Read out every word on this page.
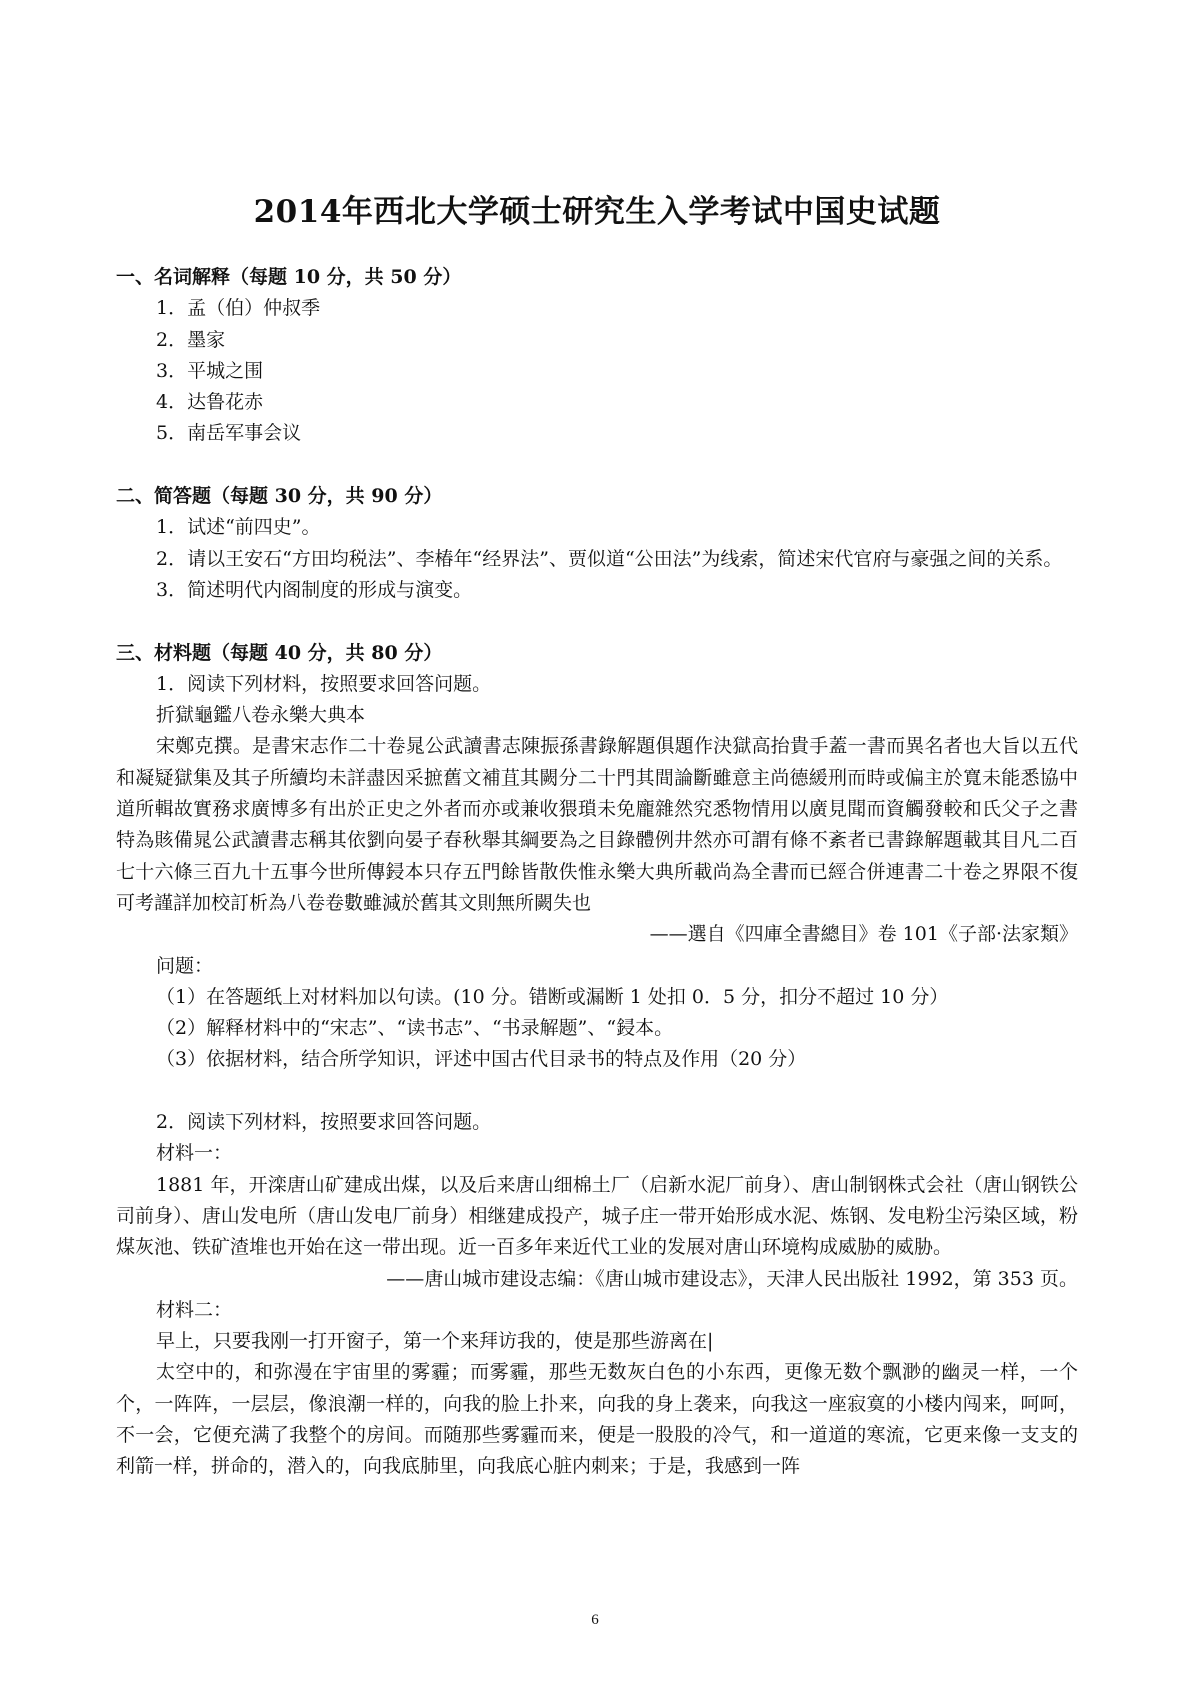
2014年西北大学硕士研究生入学考试中国史试题

一、名词解释（每题 10 分，共 50 分）

1．孟（伯）仲叔季

2．墨家

3．平城之围

4．达鲁花赤

5．南岳军事会议

二、简答题（每题 30 分，共 90 分）

1．试述“前四史”。

2．请以王安石“方田均税法”、李椿年“经界法”、贾似道“公田法”为线索，简述宋代官府与豪强之间的关系。

3．简述明代内阁制度的形成与演变。

三、材料题（每题 40 分，共 80 分）

1．阅读下列材料，按照要求回答问题。

折獄龜鑑八卷永樂大典本

宋鄭克撰。是書宋志作二十卷晁公武讀書志陳振孫書錄解題俱題作決獄高抬貴手蓋一書而異名者也大旨以五代和凝疑獄集及其子所續均未詳盡因采摭舊文補苴其闕分二十門其間論斷雖意主尚德緩刑而時或偏主於寬未能悉協中道所輯故實務求廣博多有出於正史之外者而亦或兼收猥瑣未免龐雜然究悉物情用以廣見聞而資觸發較和氏父子之書特為賅備晁公武讀書志稱其依劉向晏子春秋舉其綱要為之目錄體例井然亦可謂有條不紊者已書錄解題載其目凡二百七十六條三百九十五事今世所傳鋟本只存五門餘皆散佚惟永樂大典所載尚為全書而已經合併連書二十卷之界限不復可考謹詳加校訂析為八卷卷數雖減於舊其文則無所闕失也

——選自《四庫全書總目》卷 101《子部·法家類》

问题：

（1）在答题纸上对材料加以句读。(10 分。错断或漏断 1 处扣 0．5 分，扣分不超过 10 分）

（2）解释材料中的“宋志”、“读书志”、“书录解题”、“鋟本。

（3）依据材料，结合所学知识，评述中国古代目录书的特点及作用（20 分）

2．阅读下列材料，按照要求回答问题。

材料一：

1881 年，开滦唐山矿建成出煤，以及后来唐山细棉土厂（启新水泥厂前身）、唐山制钢株式会社（唐山钢铁公司前身）、唐山发电所（唐山发电厂前身）相继建成投产，城子庄一带开始形成水泥、炼钢、发电粉尘污染区域，粉煤灰池、铁矿渣堆也开始在这一带出现。近一百多年来近代工业的发展对唐山环境构成威胁的威胁。

——唐山城市建设志编：《唐山城市建设志》，天津人民出版社 1992，第 353 页。

材料二：

早上，只要我刚一打开窗子，第一个来拜访我的，使是那些游离在|

太空中的，和弥漫在宇宙里的雾霾；而雾霾，那些无数灰白色的小东西，更像无数个飘渺的幽灵一样，一个个，一阵阵，一层层，像浪潮一样的，向我的脸上扑来，向我的身上袭来，向我这一座寂寞的小楼内闯来，呵呵，不一会，它便充满了我整个的房间。而随那些雾霾而来，便是一股股的冷气，和一道道的寒流，它更来像一支支的利箭一样，拼命的，潜入的，向我底肺里，向我底心脏内刺来；于是，我感到一阵

6
